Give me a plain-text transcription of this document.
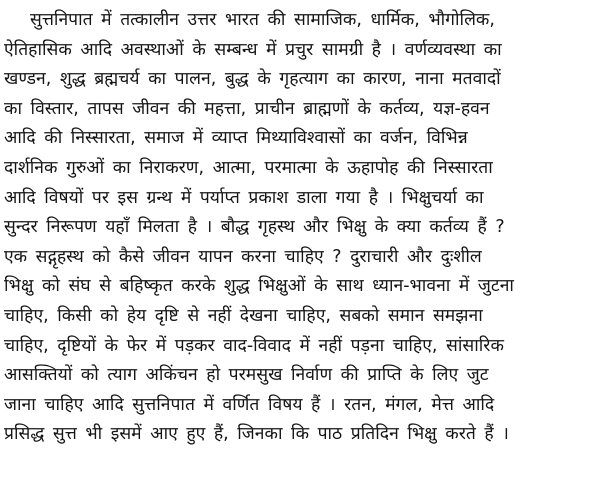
सुत्तनिपात में तत्कालीन उत्तर भारत की सामाजिक, धार्मिक, भौगोलिक,
ऐतिहासिक आदि अवस्थाओं के सम्बन्ध में प्रचुर सामग्री है । वर्णव्यवस्था का
खण्डन, शुद्ध ब्रह्मचर्य का पालन, बुद्ध के गृहत्याग का कारण, नाना मतवादों
का विस्तार, तापस जीवन की महत्ता, प्राचीन ब्राह्मणों के कर्तव्य, यज्ञ-हवन
आदि की निस्सारता, समाज में व्याप्त मिथ्याविश्वासों का वर्जन, विभिन्न
दार्शनिक गुरुओं का निराकरण, आत्मा, परमात्मा के ऊहापोह की निस्सारता
आदि विषयों पर इस ग्रन्थ में पर्याप्त प्रकाश डाला गया है । भिक्षुचर्या का
सुन्दर निरूपण यहाँ मिलता है । बौद्ध गृहस्थ और भिक्षु के क्या कर्तव्य हैं ?
एक सद्गृहस्थ को कैसे जीवन यापन करना चाहिए ? दुराचारी और दुःशील
भिक्षु को संघ से बहिष्कृत करके शुद्ध भिक्षुओं के साथ ध्यान-भावना में जुटना
चाहिए, किसी को हेय दृष्टि से नहीं देखना चाहिए, सबको समान समझना
चाहिए, दृष्टियों के फेर में पड़कर वाद-विवाद में नहीं पड़ना चाहिए, सांसारिक
आसक्तियों को त्याग अकिंचन हो परमसुख निर्वाण की प्राप्ति के लिए जुट
जाना चाहिए आदि सुत्तनिपात में वर्णित विषय हैं । रतन, मंगल, मेत्त आदि
प्रसिद्ध सुत्त भी इसमें आए हुए हैं, जिनका कि पाठ प्रतिदिन भिक्षु करते हैं ।
